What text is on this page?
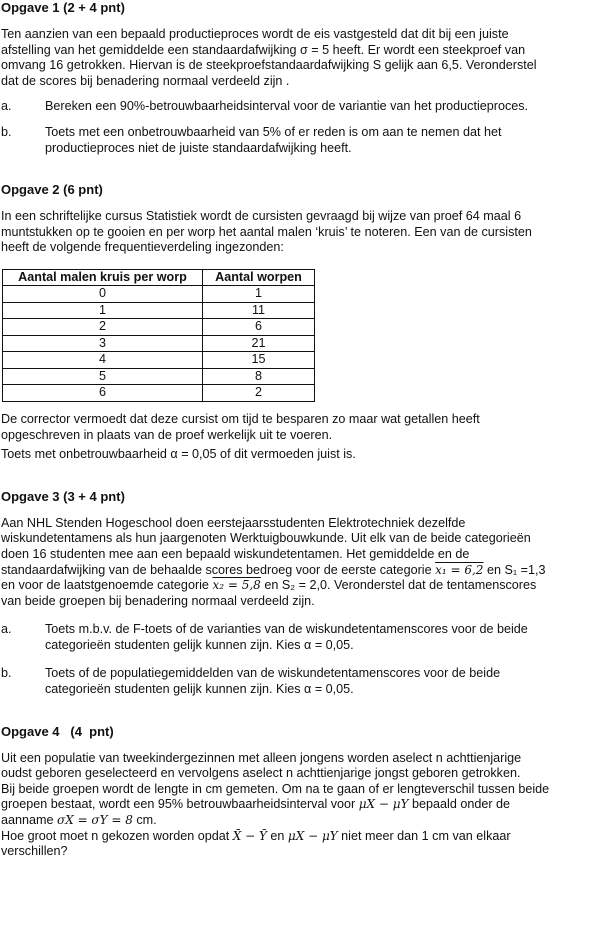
Opgave 1 (2 + 4 pnt)

Ten aanzien van een bepaald productieproces wordt de eis vastgesteld dat dit bij een juiste

afstelling van het gemiddelde een standaardafwijking σ = 5 heeft. Er wordt een steekproef van

omvang 16 getrokken. Hiervan is de steekproefstandaardafwijking S gelijk aan 6,5. Veronderstel

dat de scores bij benadering normaal verdeeld zijn .

a.	Bereken een 90%-betrouwbaarheidsinterval voor de variantie van het productieproces.
b.	Toets met een onbetrouwbaarheid van 5% of er reden is om aan te nemen dat het
productieproces niet de juiste standaardafwijking heeft.
Opgave 2 (6 pnt)

In een schriftelijke cursus Statistiek wordt de cursisten gevraagd bij wijze van proef 64 maal 6

muntstukken op te gooien en per worp het aantal malen ‘kruis’ te noteren. Een van de cursisten

heeft de volgende frequentieverdeling ingezonden:

Aantal malen kruis per worp	Aantal worpen
0	1
1	11
2	6
3	21
4	15
5	8
6	2

De corrector vermoedt dat deze cursist om tijd te besparen zo maar wat getallen heeft

opgeschreven in plaats van de proef werkelijk uit te voeren.

Toets met onbetrouwbaarheid α = 0,05 of dit vermoeden juist is.

Opgave 3 (3 + 4 pnt)

Aan NHL Stenden Hogeschool doen eerstejaarsstudenten Elektrotechniek dezelfde

wiskundetentamens als hun jaargenoten Werktuigbouwkunde. Uit elk van de beide categorieën

doen 16 studenten mee aan een bepaald wiskundetentamen. Het gemiddelde en de

standaardafwijking van de behaalde scores bedroeg voor de eerste categorie x₁ = 6,2 en S₁ =1,3

en voor de laatstgenoemde categorie x₂ = 5,8 en S₂ = 2,0. Veronderstel dat de tentamenscores

van beide groepen bij benadering normaal verdeeld zijn.

a.	Toets m.b.v. de F-toets of de varianties van de wiskundetentamenscores voor de beide
categorieën studenten gelijk kunnen zijn. Kies α = 0,05.
b.	Toets of de populatiegemiddelden van de wiskundetentamenscores voor de beide
categorieën studenten gelijk kunnen zijn. Kies α = 0,05.
Opgave 4   (4  pnt)

Uit een populatie van tweekindergezinnen met alleen jongens worden aselect n achttienjarige

oudst geboren geselecteerd en vervolgens aselect n achttienjarige jongst geboren getrokken.

Bij beide groepen wordt de lengte in cm gemeten. Om na te gaan of er lengteverschil tussen beide

groepen bestaat, wordt een 95% betrouwbaarheidsinterval voor μX − μY bepaald onder de

aanname σX = σY = 8 cm.

Hoe groot moet n gekozen worden opdat X̄ − Ȳ en μX − μY niet meer dan 1 cm van elkaar

verschillen?
